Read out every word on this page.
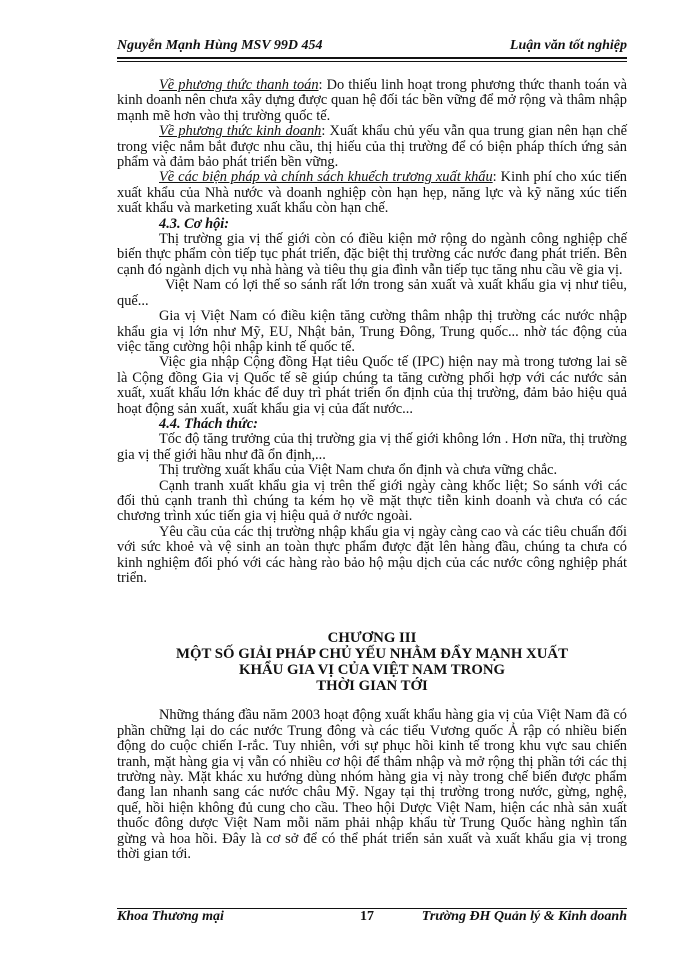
Nguyễn Mạnh Hùng MSV 99D 454	Luận văn tốt nghiệp

Về phương thức thanh toán: Do thiếu linh hoạt trong phương thức thanh toán và kinh doanh nên chưa xây dựng được quan hệ đối tác bền vững để mở rộng và thâm nhập mạnh mẽ hơn vào thị trường quốc tế.

Về phương thức kinh doanh: Xuất khẩu chủ yếu vẫn qua trung gian nên hạn chế trong việc nắm bắt được nhu cầu, thị hiếu của thị trường để có biện pháp thích ứng sản phẩm và đảm bảo phát triển bền vững.

Về các biện pháp và chính sách khuếch trương xuất khẩu: Kinh phí cho xúc tiến xuất khẩu của Nhà nước và doanh nghiệp còn hạn hẹp, năng lực và kỹ năng xúc tiến xuất khẩu và marketing xuất khẩu còn hạn chế.

4.3. Cơ hội:

Thị trường gia vị thế giới còn có điều kiện mở rộng do ngành công nghiệp chế biến thực phẩm còn tiếp tục phát triển, đặc biệt thị trường các nước đang phát triển. Bên cạnh đó ngành dịch vụ nhà hàng và tiêu thụ gia đình vẫn tiếp tục tăng nhu cầu về gia vị.

Việt Nam có lợi thế so sánh rất lớn trong sản xuất và xuất khẩu gia vị như tiêu, quế...

Gia vị Việt Nam có điều kiện tăng cường thâm nhập thị trường các nước nhập khẩu gia vị lớn như Mỹ, EU, Nhật bản, Trung Đông, Trung quốc... nhờ tác động của việc tăng cường hội nhập kinh tế quốc tế.

Việc gia nhập Cộng đồng Hạt tiêu Quốc tế (IPC) hiện nay mà trong tương lai sẽ là Cộng đồng Gia vị Quốc tế sẽ giúp chúng ta tăng cường phối hợp với các nước sản xuất, xuất khẩu lớn khác để duy trì phát triển ổn định của thị trường, đảm bảo hiệu quả hoạt động sản xuất, xuất khẩu gia vị của đất nước...

4.4. Thách thức:

Tốc độ tăng trưởng của thị trường gia vị thế giới không lớn . Hơn nữa, thị trường gia vị thế giới hầu như đã ổn định,...

Thị trường xuất khẩu của Việt Nam chưa ổn định và chưa vững chắc.

Cạnh tranh xuất khẩu gia vị trên thế giới ngày càng khốc liệt; So sánh với các đối thủ cạnh tranh thì chúng ta kém họ về mặt thực tiễn kinh doanh và chưa có các chương trình xúc tiến gia vị hiệu quả ở nước ngoài.

Yêu cầu của các thị trường nhập khẩu gia vị ngày càng cao và các tiêu chuẩn đối với sức khoẻ và vệ sinh an toàn thực phẩm được đặt lên hàng đầu, chúng ta chưa có kinh nghiệm đối phó với các hàng rào bảo hộ mậu dịch của các nước công nghiệp phát triển.

CHƯƠNG III
MỘT SỐ GIẢI PHÁP CHỦ YẾU NHẰM ĐẨY MẠNH XUẤT
KHẨU GIA VỊ CỦA VIỆT NAM TRONG
THỜI GIAN TỚI

Những tháng đầu năm 2003 hoạt động xuất khẩu hàng gia vị của Việt Nam đã có phần chững lại do các nước Trung đông và các tiểu Vương quốc Ả rập có nhiều biến động do cuộc chiến I-rắc. Tuy nhiên, với sự phục hồi kinh tế trong khu vực sau chiến tranh, mặt hàng gia vị vẫn có nhiều cơ hội để thâm nhập và mở rộng thị phần tới các thị trường này. Mặt khác xu hướng dùng nhóm hàng gia vị này trong chế biến được phẩm đang lan nhanh sang các nước châu Mỹ. Ngay tại thị trường trong nước, gừng, nghệ, quế, hồi hiện không đủ cung cho cầu. Theo hội Dược Việt Nam, hiện các nhà sản xuất thuốc đông dược Việt Nam mỗi năm phải nhập khẩu từ Trung Quốc hàng nghìn tấn gừng và hoa hồi. Đây là cơ sở để có thể phát triển sản xuất và xuất khẩu gia vị trong thời gian tới.

Khoa Thương mại	17	Trường ĐH Quản lý & Kinh doanh
